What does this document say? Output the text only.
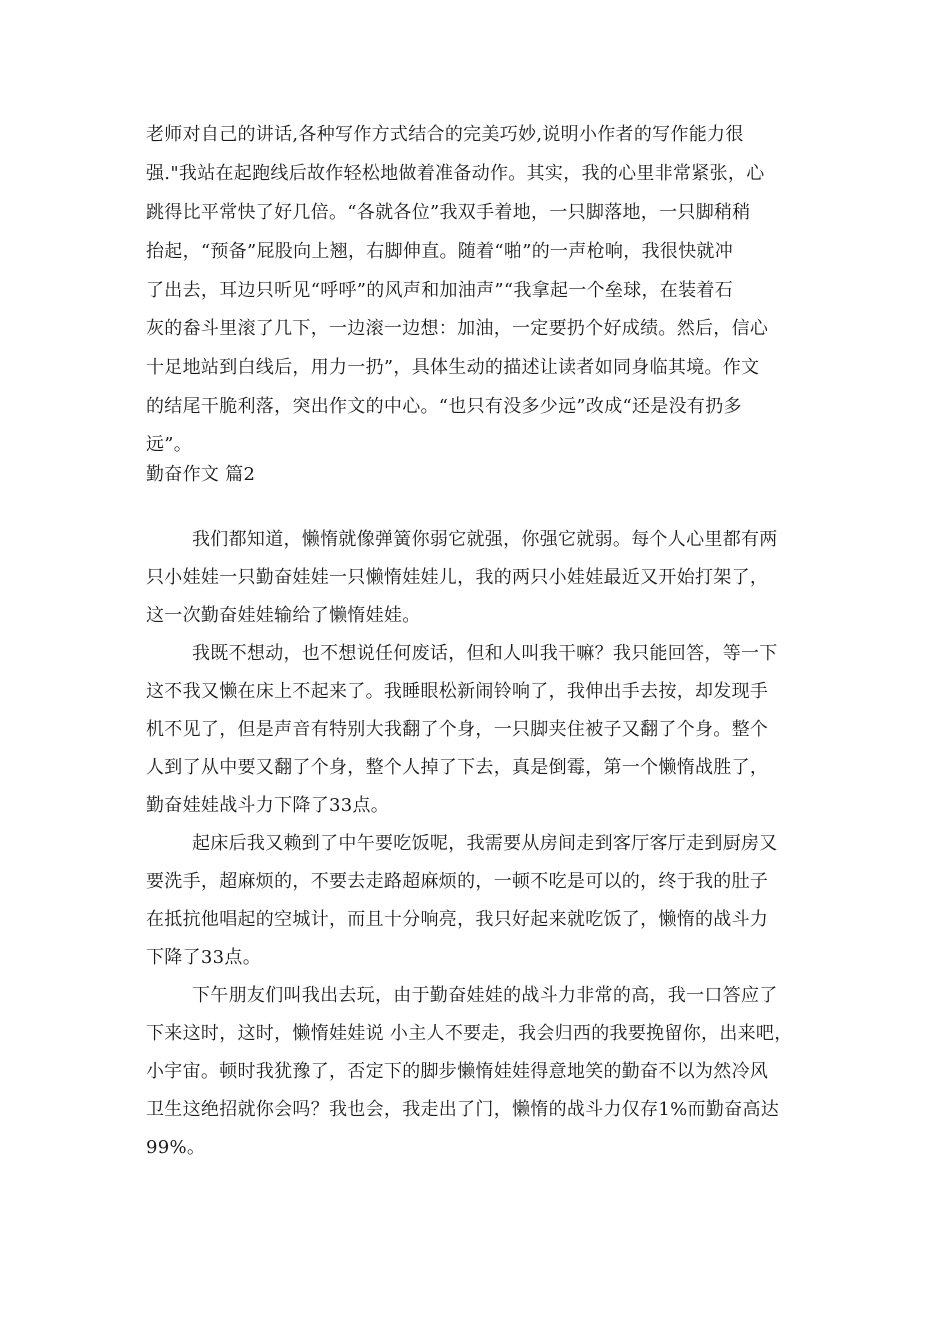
老师对自己的讲话,各种写作方式结合的完美巧妙,说明小作者的写作能力很
强."我站在起跑线后故作轻松地做着准备动作。其实，我的心里非常紧张，心
跳得比平常快了好几倍。“各就各位”我双手着地，一只脚落地，一只脚稍稍
抬起，“预备”屁股向上翘，右脚伸直。随着“啪”的一声枪响，我很快就冲
了出去，耳边只听见“呼呼”的风声和加油声”“我拿起一个垒球，在装着石
灰的畚斗里滚了几下，一边滚一边想：加油，一定要扔个好成绩。然后，信心
十足地站到白线后，用力一扔”，具体生动的描述让读者如同身临其境。作文
的结尾干脆利落，突出作文的中心。“也只有没多少远”改成“还是没有扔多
远”。
勤奋作文 篇2
我们都知道，懒惰就像弹簧你弱它就强，你强它就弱。每个人心里都有两
只小娃娃一只勤奋娃娃一只懒惰娃娃儿，我的两只小娃娃最近又开始打架了，
这一次勤奋娃娃输给了懒惰娃娃。
我既不想动，也不想说任何废话，但和人叫我干嘛？我只能回答，等一下
这不我又懒在床上不起来了。我睡眼松新闹铃响了，我伸出手去按，却发现手
机不见了，但是声音有特别大我翻了个身，一只脚夹住被子又翻了个身。整个
人到了从中要又翻了个身，整个人掉了下去，真是倒霉，第一个懒惰战胜了，
勤奋娃娃战斗力下降了33点。
起床后我又赖到了中午要吃饭呢，我需要从房间走到客厅客厅走到厨房又
要洗手，超麻烦的，不要去走路超麻烦的，一顿不吃是可以的，终于我的肚子
在抵抗他唱起的空城计，而且十分响亮，我只好起来就吃饭了，懒惰的战斗力
下降了33点。
下午朋友们叫我出去玩，由于勤奋娃娃的战斗力非常的高，我一口答应了
下来这时，这时，懒惰娃娃说 小主人不要走，我会归西的我要挽留你，出来吧，
小宇宙。顿时我犹豫了，否定下的脚步懒惰娃娃得意地笑的勤奋不以为然冷风
卫生这绝招就你会吗？我也会，我走出了门，懒惰的战斗力仅存1%而勤奋高达
99%。
